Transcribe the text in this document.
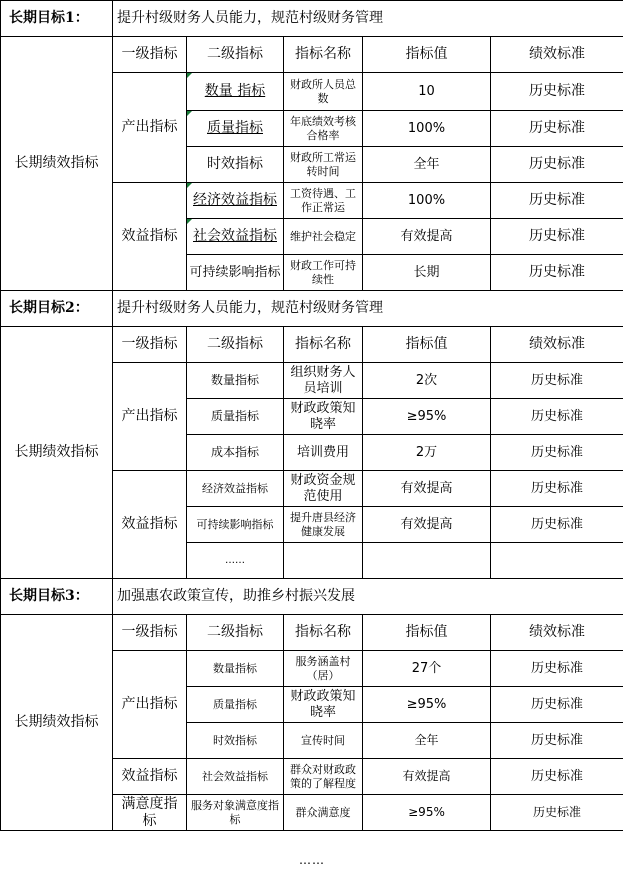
长期目标1：	提升村级财务人员能力，规范村级财务管理				
长期绩效指标	一级指标	二级指标	指标名称	指标值	绩效标准
	产出指标	数量 指标	财政所人员总数	10	历史标准
		质量指标	年底绩效考核合格率	100%	历史标准
		时效指标	财政所工常运转时间	全年	历史标准
	效益指标	经济效益指标	工资待遇、工作正常运	100%	历史标准
		社会效益指标	维护社会稳定	有效提高	历史标准
		可持续影响指标	财政工作可持续性	长期	历史标准
长期目标2：	提升村级财务人员能力，规范村级财务管理				
长期绩效指标	一级指标	二级指标	指标名称	指标值	绩效标准
	产出指标	数量指标	组织财务人员培训	2次	历史标准
		质量指标	财政政策知晓率	≥95%	历史标准
		成本指标	培训费用	2万	历史标准
	效益指标	经济效益指标	财政资金规范使用	有效提高	历史标准
		可持续影响指标	提升唐县经济健康发展	有效提高	历史标准
		……			
长期目标3：	加强惠农政策宣传，助推乡村振兴发展				
长期绩效指标	一级指标	二级指标	指标名称	指标值	绩效标准
	产出指标	数量指标	服务涵盖村（居）	27个	历史标准
		质量指标	财政政策知晓率	≥95%	历史标准
		时效指标	宣传时间	全年	历史标准
	效益指标	社会效益指标	群众对财政政策的了解程度	有效提高	历史标准
	满意度指标	服务对象满意度指标	群众满意度	≥95%	历史标准
……					
